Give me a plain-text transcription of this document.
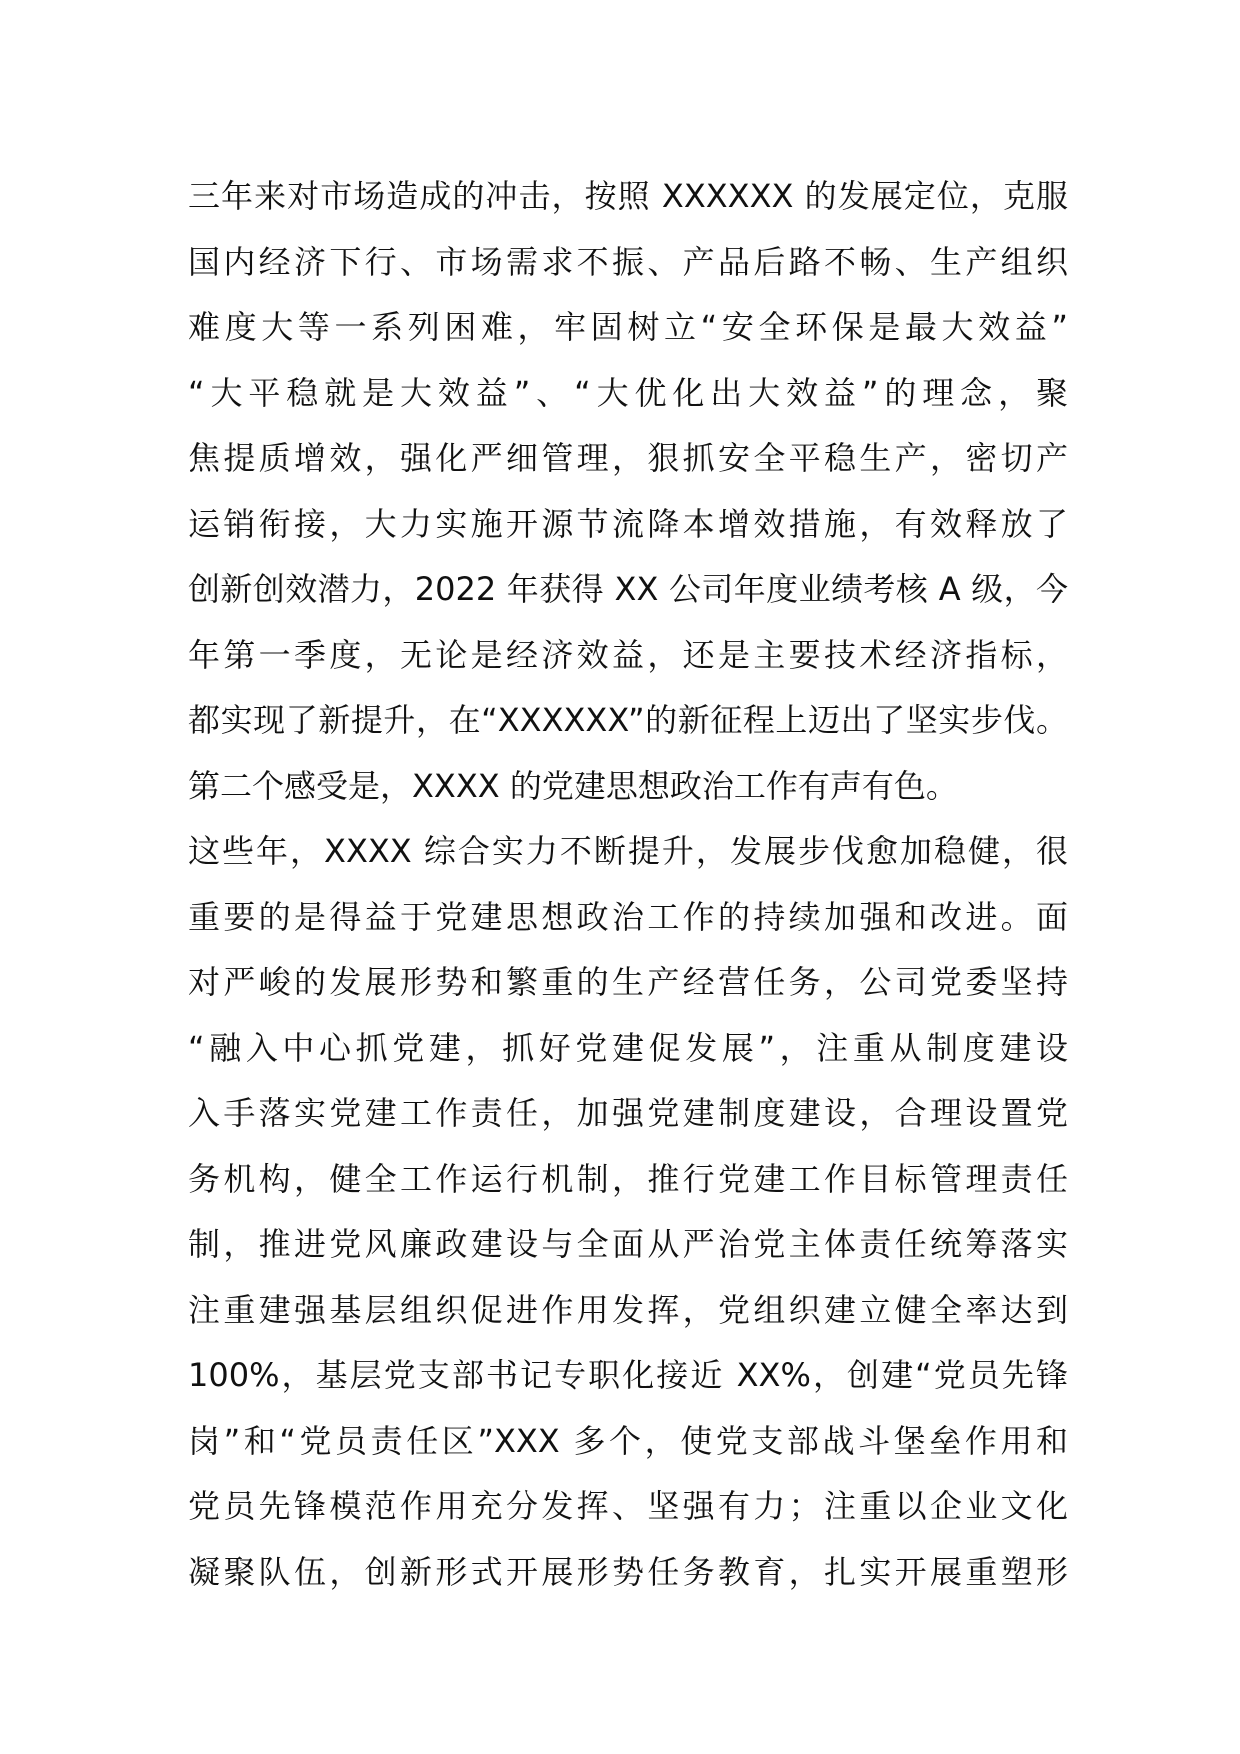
三年来对市场造成的冲击，按照 XXXXXX 的发展定位，克服
国内经济下行、市场需求不振、产品后路不畅、生产组织
难度大等一系列困难，牢固树立“安全环保是最大效益”
“大平稳就是大效益”、“大优化出大效益”的理念，聚
焦提质增效，强化严细管理，狠抓安全平稳生产，密切产
运销衔接，大力实施开源节流降本增效措施，有效释放了
创新创效潜力，2022 年获得 XX 公司年度业绩考核 A 级，今
年第一季度，无论是经济效益，还是主要技术经济指标，
都实现了新提升，在“XXXXXX”的新征程上迈出了坚实步伐。
第二个感受是，XXXX 的党建思想政治工作有声有色。
这些年，XXXX 综合实力不断提升，发展步伐愈加稳健，很
重要的是得益于党建思想政治工作的持续加强和改进。面
对严峻的发展形势和繁重的生产经营任务，公司党委坚持
“融入中心抓党建，抓好党建促发展”，注重从制度建设
入手落实党建工作责任，加强党建制度建设，合理设置党
务机构，健全工作运行机制，推行党建工作目标管理责任
制，推进党风廉政建设与全面从严治党主体责任统筹落实
注重建强基层组织促进作用发挥，党组织建立健全率达到
100%，基层党支部书记专职化接近 XX%，创建“党员先锋
岗”和“党员责任区”XXX 多个，使党支部战斗堡垒作用和
党员先锋模范作用充分发挥、坚强有力；注重以企业文化
凝聚队伍，创新形式开展形势任务教育，扎实开展重塑形
